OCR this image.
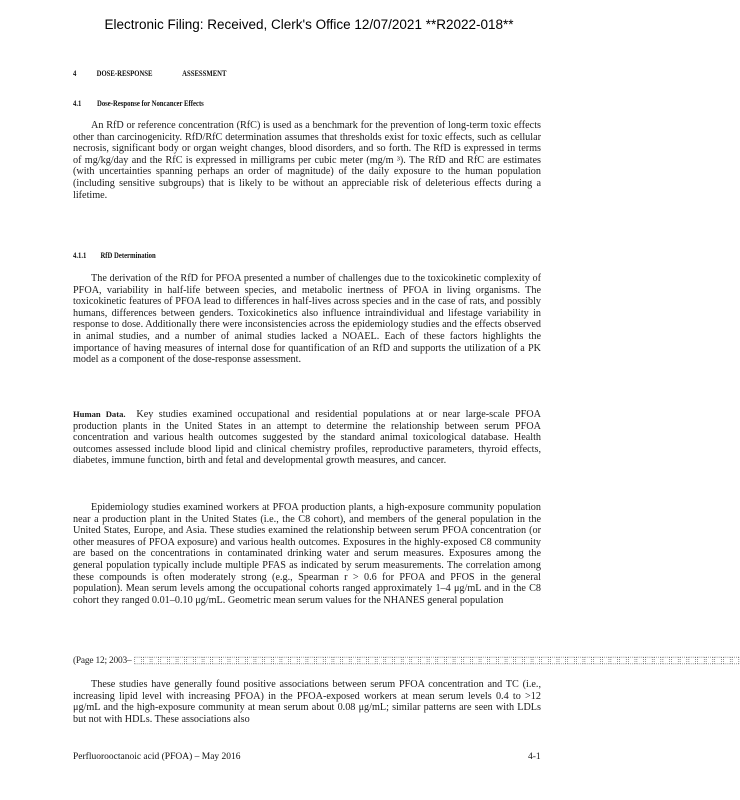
Electronic Filing: Received, Clerk's Office 12/07/2021 **R2022-018**
4 DOSE-RESPONSE	ASSESSMENT
4.1 Dose-Response for Noncancer Effects
An RfD or reference concentration (RfC) is used as a benchmark for the prevention of long-term toxic effects other than carcinogenicity. RfD/RfC determination assumes that thresholds exist for toxic effects, such as cellular necrosis, significant body or organ weight changes, blood disorders, and so forth. The RfD is expressed in terms of mg/kg/day and the RfC is expressed in milligrams per cubic meter (mg/m ³). The RfD and RfC are estimates (with uncertainties spanning perhaps an order of magnitude) of the daily exposure to the human population (including sensitive subgroups) that is likely to be without an appreciable risk of deleterious effects during a lifetime.
4.1.1 RfD Determination
The derivation of the RfD for PFOA presented a number of challenges due to the toxicokinetic complexity of PFOA, variability in half-life between species, and metabolic inertness of PFOA in living organisms. The toxicokinetic features of PFOA lead to differences in half-lives across species and in the case of rats, and possibly humans, differences between genders. Toxicokinetics also influence intraindividual and lifestage variability in response to dose. Additionally there were inconsistencies across the epidemiology studies and the effects observed in animal studies, and a number of animal studies lacked a NOAEL. Each of these factors highlights the importance of having measures of internal dose for quantification of an RfD and supports the utilization of a PK model as a component of the dose-response assessment.
Human Data. Key studies examined occupational and residential populations at or near large-scale PFOA production plants in the United States in an attempt to determine the relationship between serum PFOA concentration and various health outcomes suggested by the standard animal toxicological database. Health outcomes assessed include blood lipid and clinical chemistry profiles, reproductive parameters, thyroid effects, diabetes, immune function, birth and fetal and developmental growth measures, and cancer.
Epidemiology studies examined workers at PFOA production plants, a high-exposure community population near a production plant in the United States (i.e., the C8 cohort), and members of the general population in the United States, Europe, and Asia. These studies examined the relationship between serum PFOA concentration (or other measures of PFOA exposure) and various health outcomes. Exposures in the highly-exposed C8 community are based on the concentrations in contaminated drinking water and serum measures. Exposures among the general population typically include multiple PFAS as indicated by serum measurements. The correlation among these compounds is often moderately strong (e.g., Spearman r > 0.6 for PFOA and PFOS in the general population). Mean serum levels among the occupational cohorts ranged approximately 1–4 μg/mL and in the C8 cohort they ranged 0.01–0.10 μg/mL. Geometric mean serum values for the NHANES general population
(Page 12; 2003– ⬚⬚⬚⬚⬚⬚⬚⬚⬚⬚⬚⬚⬚⬚⬚⬚⬚⬚⬚⬚⬚⬚⬚⬚⬚⬚⬚⬚⬚⬚⬚⬚⬚⬚⬚⬚⬚⬚⬚⬚⬚⬚⬚⬚⬚⬚⬚⬚⬚⬚⬚⬚⬚⬚⬚⬚⬚⬚⬚⬚⬚⬚⬚⬚⬚⬚⬚⬚⬚⬚
These studies have generally found positive associations between serum PFOA concentration and TC (i.e., increasing lipid level with increasing PFOA) in the PFOA-exposed workers at mean serum levels 0.4 to >12 μg/mL and the high-exposure community at mean serum about 0.08 μg/mL; similar patterns are seen with LDLs but not with HDLs. These associations also
Perfluorooctanoic acid (PFOA) – May 2016	4-1
